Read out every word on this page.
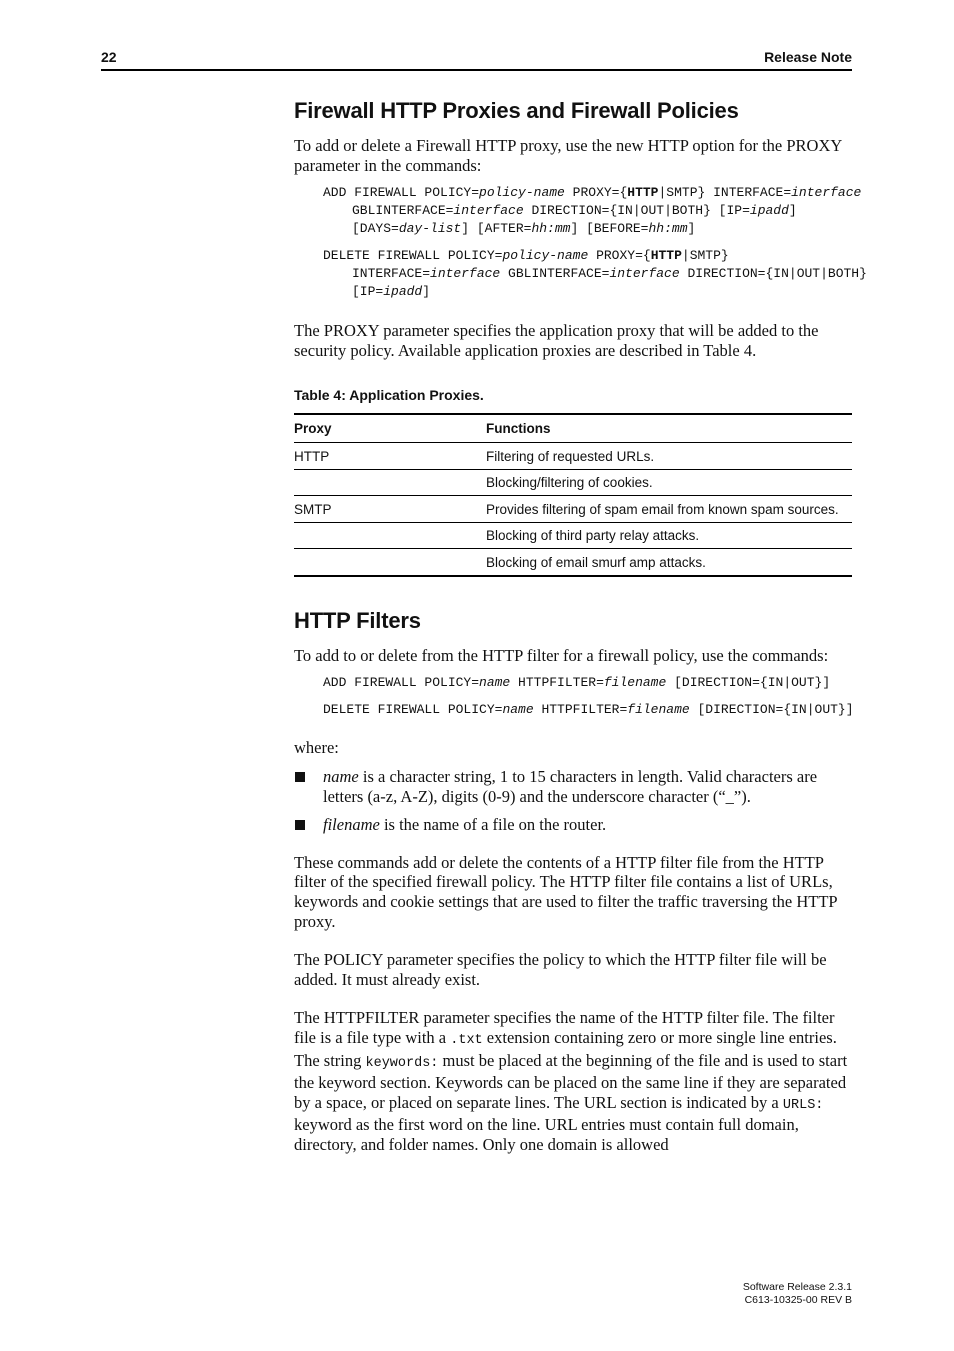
22	Release Note
Firewall HTTP Proxies and Firewall Policies

To add or delete a Firewall HTTP proxy, use the new HTTP option for the PROXY parameter in the commands:

ADD FIREWALL POLICY=policy-name PROXY={HTTP|SMTP} INTERFACE=interface GBLINTERFACE=interface DIRECTION={IN|OUT|BOTH} [IP=ipadd] [DAYS=day-list] [AFTER=hh:mm] [BEFORE=hh:mm]
DELETE FIREWALL POLICY=policy-name PROXY={HTTP|SMTP} INTERFACE=interface GBLINTERFACE=interface DIRECTION={IN|OUT|BOTH} [IP=ipadd]

The PROXY parameter specifies the application proxy that will be added to the security policy. Available application proxies are described in Table 4.

Table 4: Application Proxies.

Proxy	Functions
HTTP	Filtering of requested URLs.
	Blocking/filtering of cookies.
SMTP	Provides filtering of spam email from known spam sources.
	Blocking of third party relay attacks.
	Blocking of email smurf amp attacks.
HTTP Filters

To add to or delete from the HTTP filter for a firewall policy, use the commands:

ADD FIREWALL POLICY=name HTTPFILTER=filename [DIRECTION={IN|OUT}]
DELETE FIREWALL POLICY=name HTTPFILTER=filename [DIRECTION={IN|OUT}]

where:

name is a character string, 1 to 15 characters in length. Valid characters are letters (a-z, A-Z), digits (0-9) and the underscore character (“_”).
filename is the name of a file on the router.

These commands add or delete the contents of a HTTP filter file from the HTTP filter of the specified firewall policy. The HTTP filter file contains a list of URLs, keywords and cookie settings that are used to filter the traffic traversing the HTTP proxy.

The POLICY parameter specifies the policy to which the HTTP filter file will be added. It must already exist.

The HTTPFILTER parameter specifies the name of the HTTP filter file. The filter file is a file type with a .txt extension containing zero or more single line entries. The string keywords: must be placed at the beginning of the file and is used to start the keyword section. Keywords can be placed on the same line if they are separated by a space, or placed on separate lines. The URL section is indicated by a URLS: keyword as the first word on the line. URL entries must contain full domain, directory, and folder names. Only one domain is allowed

Software Release 2.3.1
C613-10325-00 REV B
